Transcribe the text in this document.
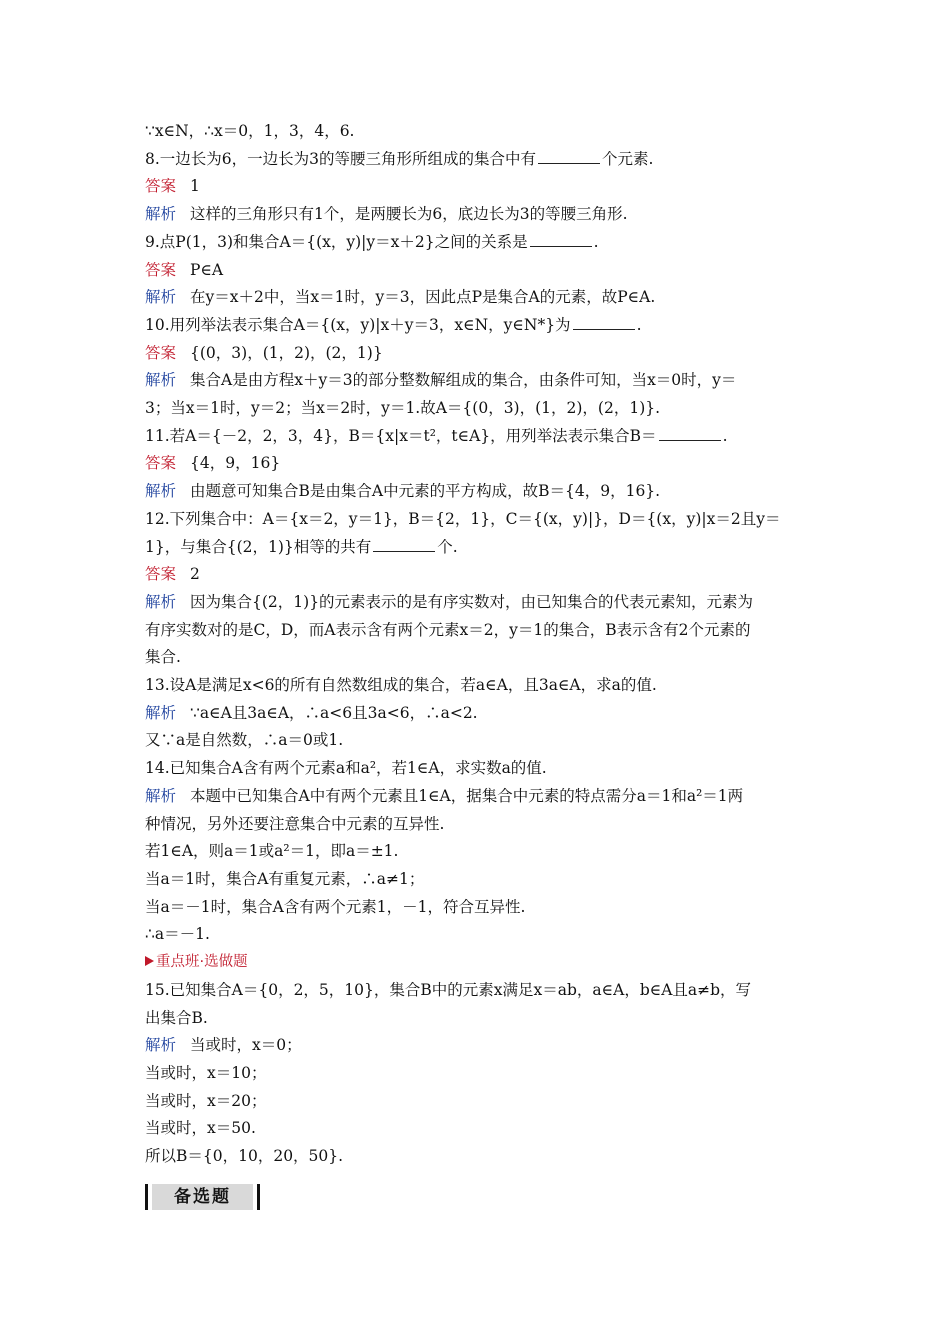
∵x∈N，∴x＝0，1，3，4，6.
8.一边长为6，一边长为3的等腰三角形所组成的集合中有	个元素.
答案 1
解析 这样的三角形只有1个，是两腰长为6，底边长为3的等腰三角形.
9.点P(1，3)和集合A＝{(x，y)|y＝x＋2}之间的关系是	.
答案 P∈A
解析 在y＝x＋2中，当x＝1时，y＝3，因此点P是集合A的元素，故P∈A.
10.用列举法表示集合A＝{(x，y)|x＋y＝3，x∈N，y∈N*}为	.
答案 {(0，3)，(1，2)，(2，1)}
解析 集合A是由方程x＋y＝3的部分整数解组成的集合，由条件可知，当x＝0时，y＝
3；当x＝1时，y＝2；当x＝2时，y＝1.故A＝{(0，3)，(1，2)，(2，1)}.
11.若A＝{－2，2，3，4}，B＝{x|x＝t²，t∈A}，用列举法表示集合B＝	.
答案 {4，9，16}
解析 由题意可知集合B是由集合A中元素的平方构成，故B＝{4，9，16}.
12.下列集合中：A＝{x＝2，y＝1}，B＝{2，1}，C＝{(x，y)|}，D＝{(x，y)|x＝2且y＝
1}，与集合{(2，1)}相等的共有	个.
答案 2
解析 因为集合{(2，1)}的元素表示的是有序实数对，由已知集合的代表元素知，元素为
有序实数对的是C，D，而A表示含有两个元素x＝2，y＝1的集合，B表示含有2个元素的
集合.
13.设A是满足x<6的所有自然数组成的集合，若a∈A，且3a∈A，求a的值.
解析 ∵a∈A且3a∈A，∴a<6且3a<6，∴a<2.
又∵a是自然数，∴a＝0或1.
14.已知集合A含有两个元素a和a²，若1∈A，求实数a的值.
解析 本题中已知集合A中有两个元素且1∈A，据集合中元素的特点需分a＝1和a²＝1两
种情况，另外还要注意集合中元素的互异性.
若1∈A，则a＝1或a²＝1，即a＝±1.
当a＝1时，集合A有重复元素，∴a≠1；
当a＝－1时，集合A含有两个元素1，－1，符合互异性.
∴a＝－1.
重点班·选做题
15.已知集合A＝{0，2，5，10}，集合B中的元素x满足x＝ab，a∈A，b∈A且a≠b，写
出集合B.
解析 当或时，x＝0；
当或时，x＝10；
当或时，x＝20；
当或时，x＝50.
所以B＝{0，10，20，50}.
备选题
